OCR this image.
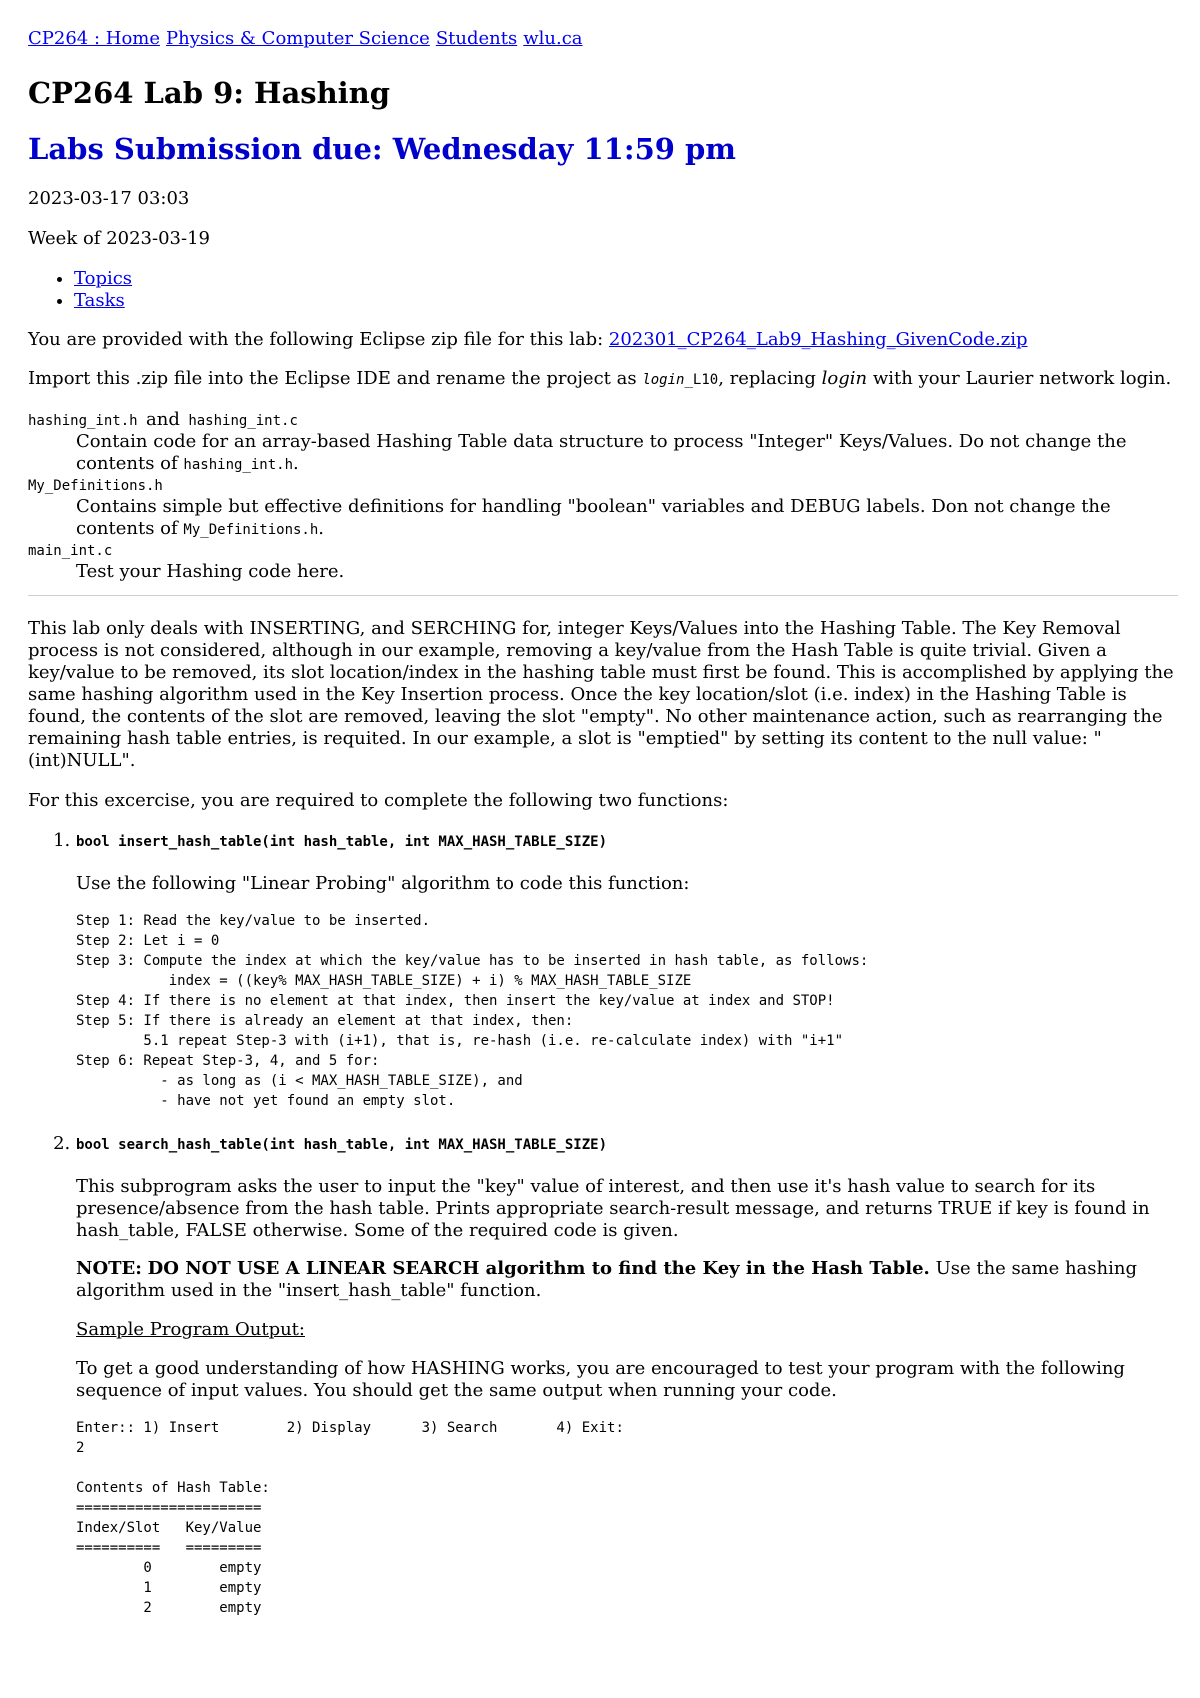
CP264 : Home Physics & Computer Science Students wlu.ca
CP264 Lab 9: Hashing
Labs Submission due: Wednesday 11:59 pm

2023-03-17 03:03

Week of 2023-03-19

• Topics
• Tasks

You are provided with the following Eclipse zip file for this lab: 202301_CP264_Lab9_Hashing_GivenCode.zip

Import this .zip file into the Eclipse IDE and rename the project as login_L10, replacing login with your Laurier network login.

hashing_int.h and hashing_int.c
Contain code for an array-based Hashing Table data structure to process "Integer" Keys/Values. Do not change the contents of hashing_int.h.
My_Definitions.h
Contains simple but effective definitions for handling "boolean" variables and DEBUG labels. Don not change the contents of My_Definitions.h.
main_int.c
Test your Hashing code here.

This lab only deals with INSERTING, and SERCHING for, integer Keys/Values into the Hashing Table. The Key Removal process is not considered, although in our example, removing a key/value from the Hash Table is quite trivial. Given a key/value to be removed, its slot location/index in the hashing table must first be found. This is accomplished by applying the same hashing algorithm used in the Key Insertion process. Once the key location/slot (i.e. index) in the Hashing Table is found, the contents of the slot are removed, leaving the slot "empty". No other maintenance action, such as rearranging the remaining hash table entries, is requited. In our example, a slot is "emptied" by setting its content to the null value: "(int)NULL".

For this excercise, you are required to complete the following two functions:

1. bool insert_hash_table(int hash_table, int MAX_HASH_TABLE_SIZE)

Use the following "Linear Probing" algorithm to code this function:

Step 1: Read the key/value to be inserted.
Step 2: Let i = 0
Step 3: Compute the index at which the key/value has to be inserted in hash table, as follows:
index = ((key% MAX_HASH_TABLE_SIZE) + i) % MAX_HASH_TABLE_SIZE
Step 4: If there is no element at that index, then insert the key/value at index and STOP!
Step 5: If there is already an element at that index, then:
5.1 repeat Step-3 with (i+1), that is, re-hash (i.e. re-calculate index) with "i+1"
Step 6: Repeat Step-3, 4, and 5 for:
- as long as (i < MAX_HASH_TABLE_SIZE), and
- have not yet found an empty slot.
2. bool search_hash_table(int hash_table, int MAX_HASH_TABLE_SIZE)

This subprogram asks the user to input the "key" value of interest, and then use it's hash value to search for its presence/absence from the hash table. Prints appropriate search-result message, and returns TRUE if key is found in hash_table, FALSE otherwise. Some of the required code is given.

NOTE: DO NOT USE A LINEAR SEARCH algorithm to find the Key in the Hash Table. Use the same hashing algorithm used in the "insert_hash_table" function.

Sample Program Output:

To get a good understanding of how HASHING works, you are encouraged to test your program with the following sequence of input values. You should get the same output when running your code.

Enter:: 1) Insert        2) Display      3) Search       4) Exit:
2

Contents of Hash Table:
======================
Index/Slot   Key/Value
==========   =========
0        empty
1        empty
2        empty
